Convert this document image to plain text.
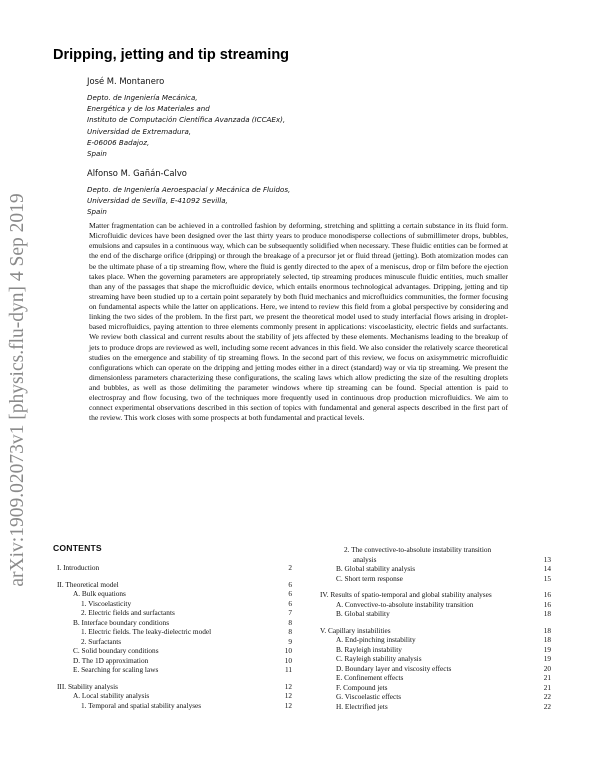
arXiv:1909.02073v1 [physics.flu-dyn] 4 Sep 2019
Dripping, jetting and tip streaming
José M. Montanero
Depto. de Ingeniería Mecánica,
Energética y de los Materiales and
Instituto de Computación Científica Avanzada (ICCAEx),
Universidad de Extremadura,
E-06006 Badajoz,
Spain
Alfonso M. Gañán-Calvo
Depto. de Ingeniería Aeroespacial y Mecánica de Fluidos,
Universidad de Sevilla, E-41092 Sevilla,
Spain
Matter fragmentation can be achieved in a controlled fashion by deforming, stretching and splitting a certain substance in its fluid form. Microfluidic devices have been designed over the last thirty years to produce monodisperse collections of submillimeter drops, bubbles, emulsions and capsules in a continuous way, which can be subsequently solidified when necessary. These fluidic entities can be formed at the end of the discharge orifice (dripping) or through the breakage of a precursor jet or fluid thread (jetting). Both atomization modes can be the ultimate phase of a tip streaming flow, where the fluid is gently directed to the apex of a meniscus, drop or film before the ejection takes place. When the governing parameters are appropriately selected, tip streaming produces minuscule fluidic entities, much smaller than any of the passages that shape the microfluidic device, which entails enormous technological advantages. Dripping, jetting and tip streaming have been studied up to a certain point separately by both fluid mechanics and microfluidics communities, the former focusing on fundamental aspects while the latter on applications. Here, we intend to review this field from a global perspective by considering and linking the two sides of the problem. In the first part, we present the theoretical model used to study interfacial flows arising in droplet-based microfluidics, paying attention to three elements commonly present in applications: viscoelasticity, electric fields and surfactants. We review both classical and current results about the stability of jets affected by these elements. Mechanisms leading to the breakup of jets to produce drops are reviewed as well, including some recent advances in this field. We also consider the relatively scarce theoretical studies on the emergence and stability of tip streaming flows. In the second part of this review, we focus on axisymmetric microfluidic configurations which can operate on the dripping and jetting modes either in a direct (standard) way or via tip streaming. We present the dimensionless parameters characterizing these configurations, the scaling laws which allow predicting the size of the resulting droplets and bubbles, as well as those delimiting the parameter windows where tip streaming can be found. Special attention is paid to electrospray and flow focusing, two of the techniques more frequently used in continuous drop production microfluidics. We aim to connect experimental observations described in this section of topics with fundamental and general aspects described in the first part of the review. This work closes with some prospects at both fundamental and practical levels.
CONTENTS
I. Introduction	2
II. Theoretical model	6
A. Bulk equations	6
1. Viscoelasticity	6
2. Electric fields and surfactants	7
B. Interface boundary conditions	8
1. Electric fields. The leaky-dielectric model	8
2. Surfactants	9
C. Solid boundary conditions	10
D. The 1D approximation	10
E. Searching for scaling laws	11
III. Stability analysis	12
A. Local stability analysis	12
1. Temporal and spatial stability analyses	12
2. The convective-to-absolute instability transition
analysis	13
B. Global stability analysis	14
C. Short term response	15
IV. Results of spatio-temporal and global stability analyses	16
A. Convective-to-absolute instability transition	16
B. Global stability	18
V. Capillary instabilities	18
A. End-pinching instability	18
B. Rayleigh instability	19
C. Rayleigh stability analysis	19
D. Boundary layer and viscosity effects	20
E. Confinement effects	21
F. Compound jets	21
G. Viscoelastic effects	22
H. Electrified jets	22
